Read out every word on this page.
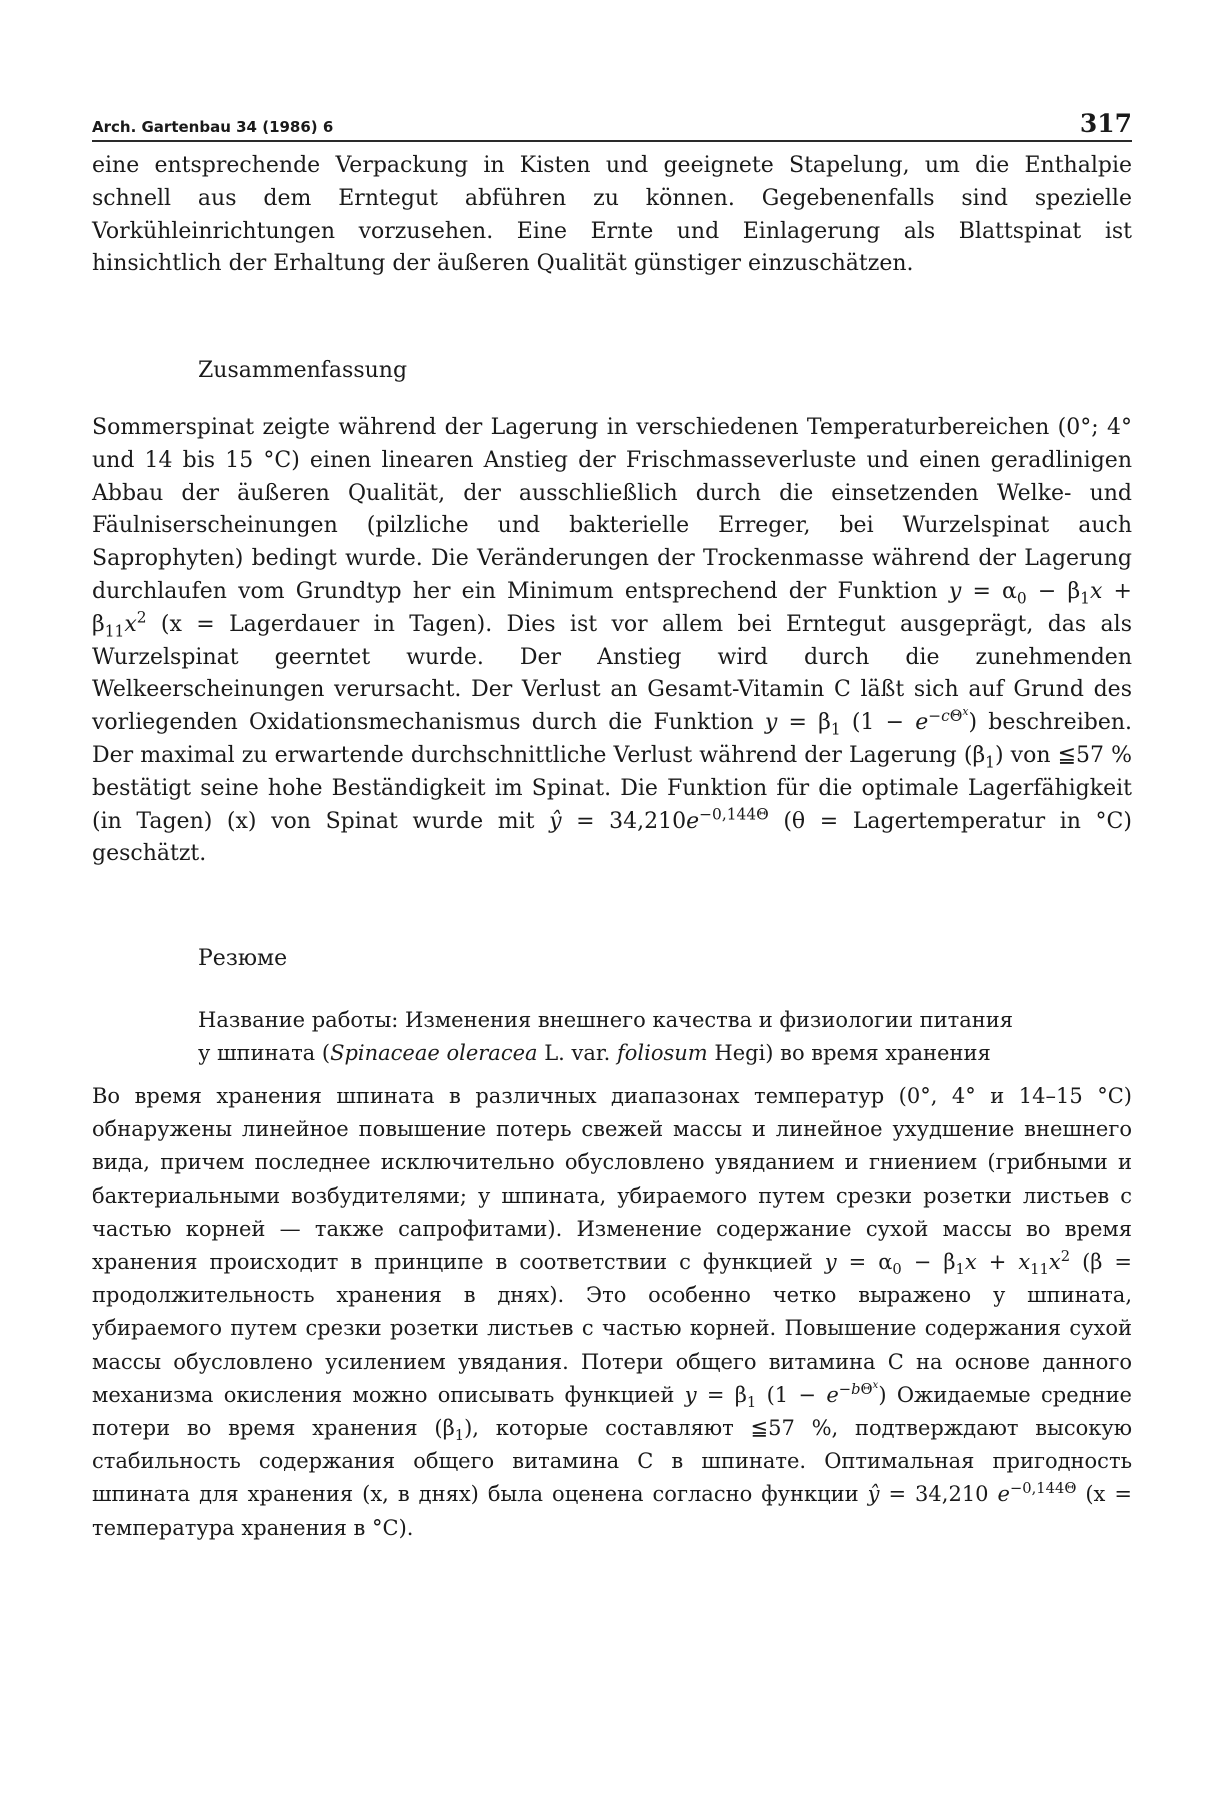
Arch. Gartenbau 34 (1986) 6	317

eine entsprechende Verpackung in Kisten und geeignete Stapelung, um die Enthalpie schnell aus dem Erntegut abführen zu können. Gegebenenfalls sind spezielle Vorkühleinrichtungen vorzusehen. Eine Ernte und Einlagerung als Blattspinat ist hinsichtlich der Erhaltung der äußeren Qualität günstiger einzuschätzen.

Zusammenfassung

Sommerspinat zeigte während der Lagerung in verschiedenen Temperaturbereichen (0°; 4° und 14 bis 15 °C) einen linearen Anstieg der Frischmasseverluste und einen geradlinigen Abbau der äußeren Qualität, der ausschließlich durch die einsetzenden Welke- und Fäulniserscheinungen (pilzliche und bakterielle Erreger, bei Wurzelspinat auch Saprophyten) bedingt wurde. Die Veränderungen der Trockenmasse während der Lagerung durchlaufen vom Grundtyp her ein Minimum entsprechend der Funktion $y = \alpha_0 - \beta_1x + \beta_{11}x^2$ (x = Lagerdauer in Tagen). Dies ist vor allem bei Erntegut ausgeprägt, das als Wurzelspinat geerntet wurde. Der Anstieg wird durch die zunehmenden Welkeerscheinungen verursacht. Der Verlust an Gesamt-Vitamin C läßt sich auf Grund des vorliegenden Oxidationsmechanismus durch die Funktion $y = \beta_1$ $(1 - e^{-c\Theta^x})$ beschreiben. Der maximal zu erwartende durchschnittliche Verlust während der Lagerung $(\beta_1)$ von ≦57 % bestätigt seine hohe Beständigkeit im Spinat. Die Funktion für die optimale Lagerfähigkeit (in Tagen) (x) von Spinat wurde mit ŷ = $34,210e^{-0,144\Theta}$ (θ = Lagertemperatur in °C) geschätzt.

Резюме
Название работы: Изменения внешнего качества и физиологии питания
у шпината (Spinaceae oleracea L. var. foliosum Hegi) во время хранения

Во время хранения шпината в различных диапазонах температур (0°, 4° и 14–15 °C) обнаружены линейное повышение потерь свежей массы и линейное ухудшение внешнего вида, причем последнее исключительно обусловлено увяданием и гниением (грибными и бактериальными возбудителями; у шпината, убираемого путем срезки розетки листьев с частью корней — также сапрофитами). Изменение содержание сухой массы во время хранения происходит в принципе в соответствии с функцией $y = \alpha_0 - \beta_1x + x_{11}x^2$ (β = продолжительность хранения в днях). Это особенно четко выражено у шпината, убираемого путем срезки розетки листьев с частью корней. Повышение содержания сухой массы обусловлено усилением увядания. Потери общего витамина С на основе данного механизма окисления можно описывать функцией $y = \beta_1$ $(1 - e^{-b\Theta^x})$ Ожидаемые средние потери во время хранения $(\beta_1)$, которые составляют ≦57 %, подтверждают высокую стабильность содержания общего витамина С в шпинате. Оптимальная пригодность шпината для хранения (x, в днях) была оценена согласно функции ŷ = 34,210 $e^{-0,144\Theta}$ (x = температура хранения в °C).
